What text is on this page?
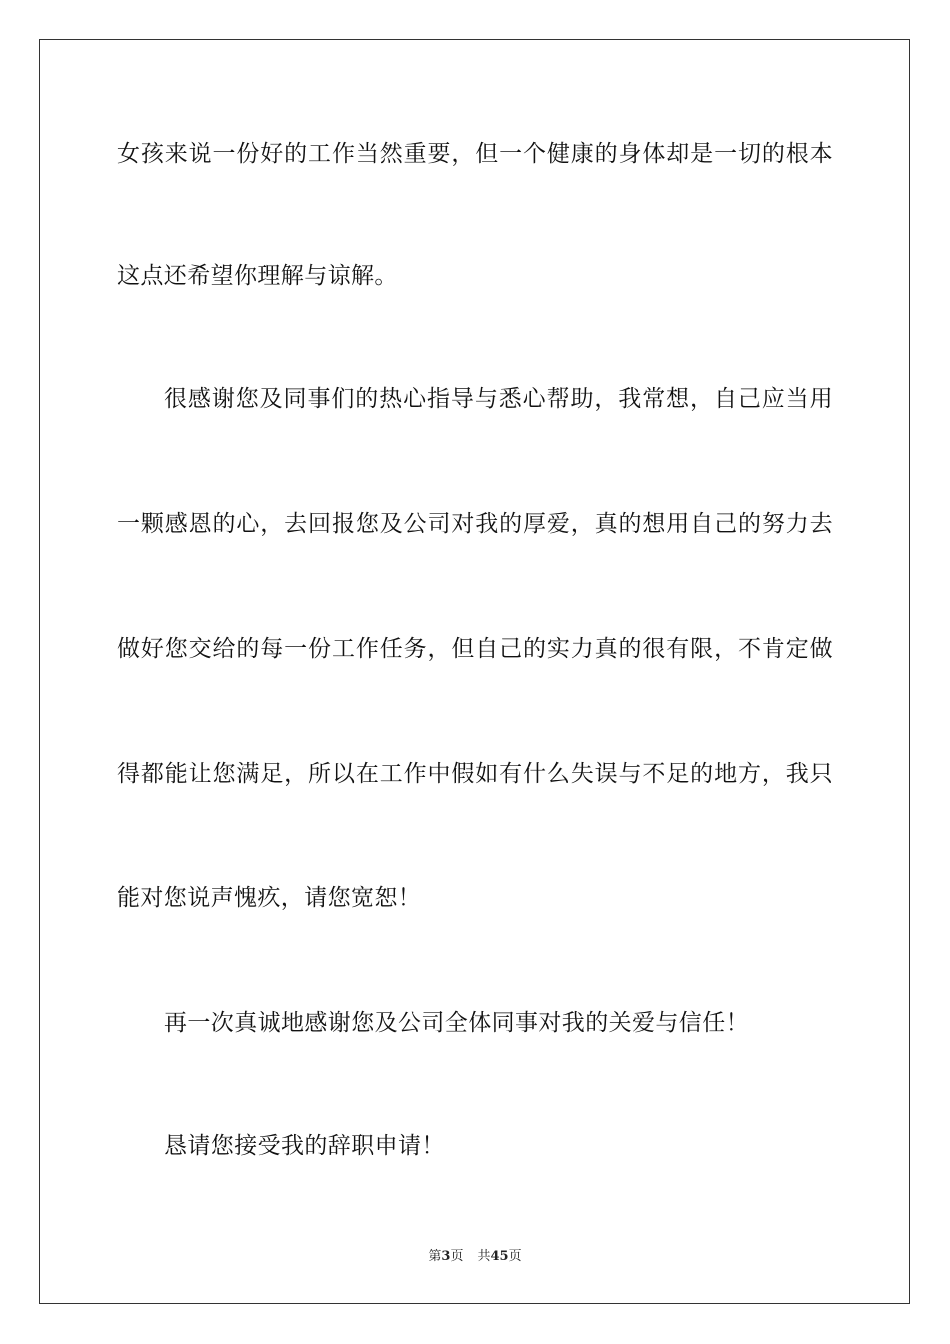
女孩来说一份好的工作当然重要，但一个健康的身体却是一切的根本
这点还希望你理解与谅解。
很感谢您及同事们的热心指导与悉心帮助，我常想，自己应当用
一颗感恩的心，去回报您及公司对我的厚爱，真的想用自己的努力去
做好您交给的每一份工作任务，但自己的实力真的很有限，不肯定做
得都能让您满足，所以在工作中假如有什么失误与不足的地方，我只
能对您说声愧疚，请您宽恕！
再一次真诚地感谢您及公司全体同事对我的关爱与信任！
恳请您接受我的辞职申请！
第3页 共45页
